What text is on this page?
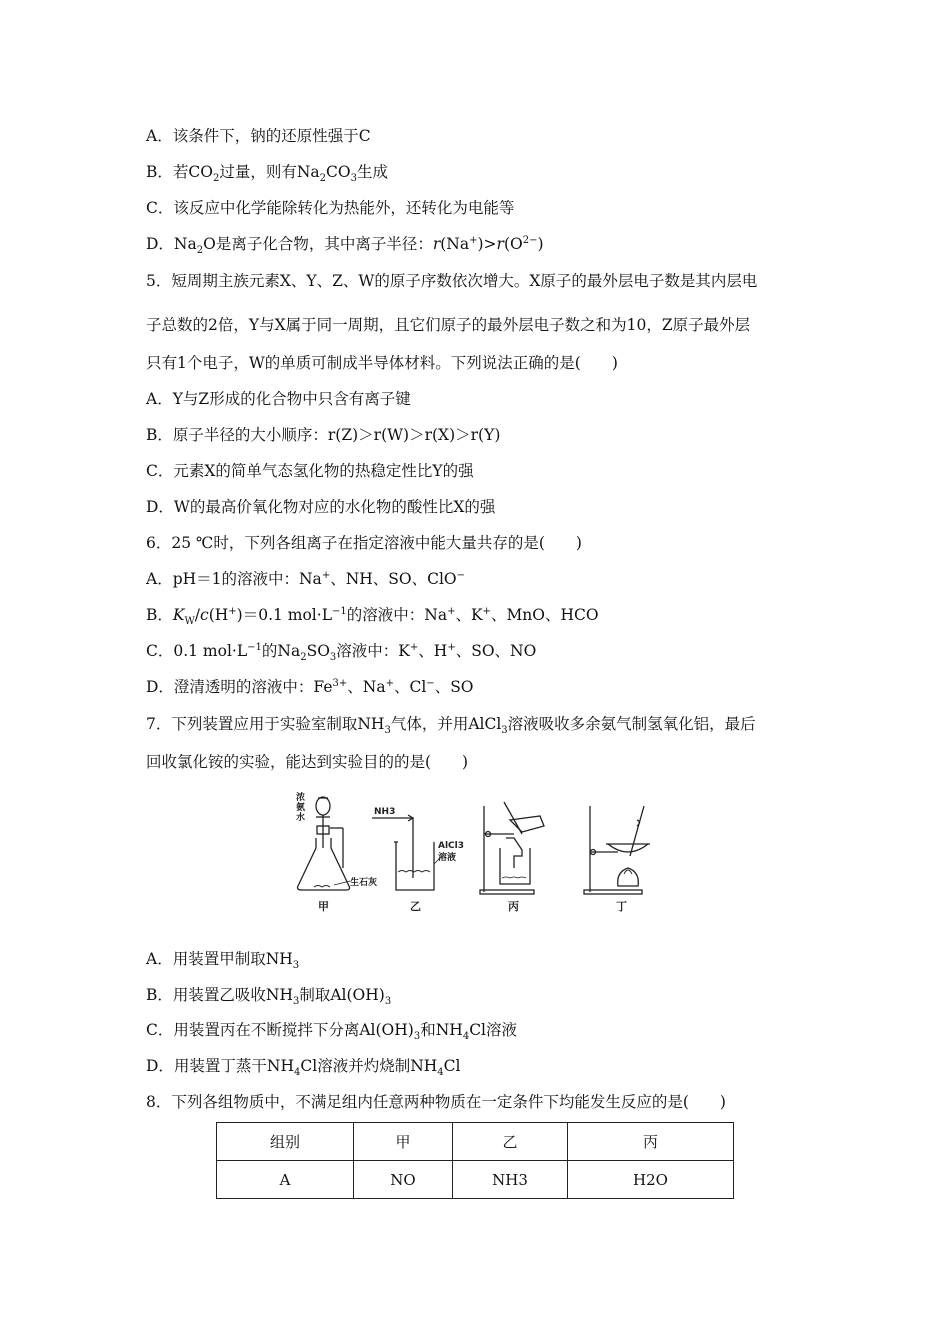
A．该条件下，钠的还原性强于C
B．若$CO_2$过量，则有$Na_2CO_3$生成
C．该反应中化学能除转化为热能外，还转化为电能等
D．$Na_2O$是离子化合物，其中离子半径：$r(Na^+)>r(O^{2-})$
5．短周期主族元素X、Y、Z、W的原子序数依次增大。X原子的最外层电子数是其内层电
子总数的2倍，Y与X属于同一周期，且它们原子的最外层电子数之和为10，Z原子最外层
只有1个电子，W的单质可制成半导体材料。下列说法正确的是(　　)
A．Y与Z形成的化合物中只含有离子键
B．原子半径的大小顺序：r(Z)＞r(W)＞r(X)＞r(Y)
C．元素X的简单气态氢化物的热稳定性比Y的强
D．W的最高价氧化物对应的水化物的酸性比X的强
6．25 ℃时，下列各组离子在指定溶液中能大量共存的是(　　)
A．pH＝1的溶液中：Na+、NH、SO、ClO−
B．$K_W/c(H^+)=0.1$ $mol\cdot L^{-1}$的溶液中：Na+、K+、MnO、HCO
C．0.1 $mol\cdot L^{-1}$的$Na_2SO_3$溶液中：K+、H+、SO、NO
D．澄清透明的溶液中：$Fe^{3+}$、Na+、Cl−、SO
7．下列装置应用于实验室制取$NH_3$气体，并用AlCl$_3$溶液吸收多余氨气制氢氧化铝，最后
回收氯化铵的实验，能达到实验目的的是(　　)
浓
氨
水
生石灰
NH3
AlCl3
溶液
甲	乙	丙	丁
A．用装置甲制取$NH_3$
B．用装置乙吸收$NH_3$制取$Al(OH)_3$
C．用装置丙在不断搅拌下分离$Al(OH)_3$和$NH_4Cl$溶液
D．用装置丁蒸干$NH_4Cl$溶液并灼烧制$NH_4Cl$
8．下列各组物质中，不满足组内任意两种物质在一定条件下均能发生反应的是(　　)
组别	甲	乙	丙
A	NO	NH3	H2O
